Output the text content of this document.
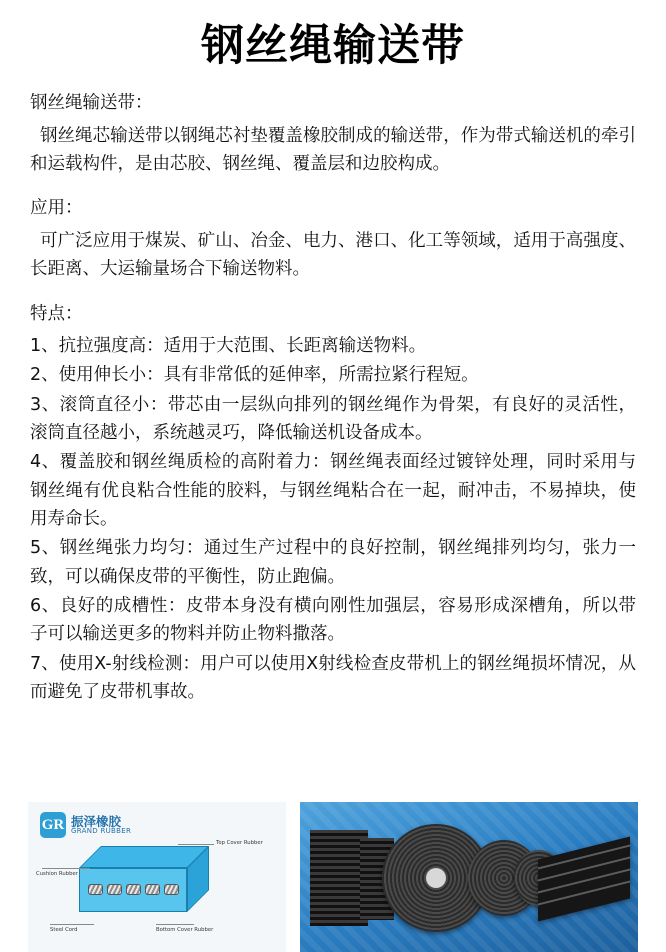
钢丝绳输送带

钢丝绳输送带：

钢丝绳芯输送带以钢绳芯衬垫覆盖橡胶制成的输送带，作为带式输送机的牵引和运载构件，是由芯胶、钢丝绳、覆盖层和边胶构成。

应用：

可广泛应用于煤炭、矿山、冶金、电力、港口、化工等领域，适用于高强度、长距离、大运输量场合下输送物料。

特点：

1、抗拉强度高：适用于大范围、长距离输送物料。

2、使用伸长小：具有非常低的延伸率，所需拉紧行程短。

3、滚筒直径小：带芯由一层纵向排列的钢丝绳作为骨架，有良好的灵活性，滚筒直径越小，系统越灵巧，降低输送机设备成本。

4、覆盖胶和钢丝绳质检的高附着力：钢丝绳表面经过镀锌处理，同时采用与钢丝绳有优良粘合性能的胶料，与钢丝绳粘合在一起，耐冲击，不易掉块，使用寿命长。

5、钢丝绳张力均匀：通过生产过程中的良好控制，钢丝绳排列均匀，张力一致，可以确保皮带的平衡性，防止跑偏。

6、良好的成槽性：皮带本身没有横向刚性加强层，容易形成深槽角，所以带子可以输送更多的物料并防止物料撒落。

7、使用X-射线检测：用户可以使用X射线检查皮带机上的钢丝绳损坏情况，从而避免了皮带机事故。

GR 振泽橡胶
GRAND RUBBER
Top Cover Rubber
Cushion Rubber
Steel Cord	Bottom Cover Rubber
